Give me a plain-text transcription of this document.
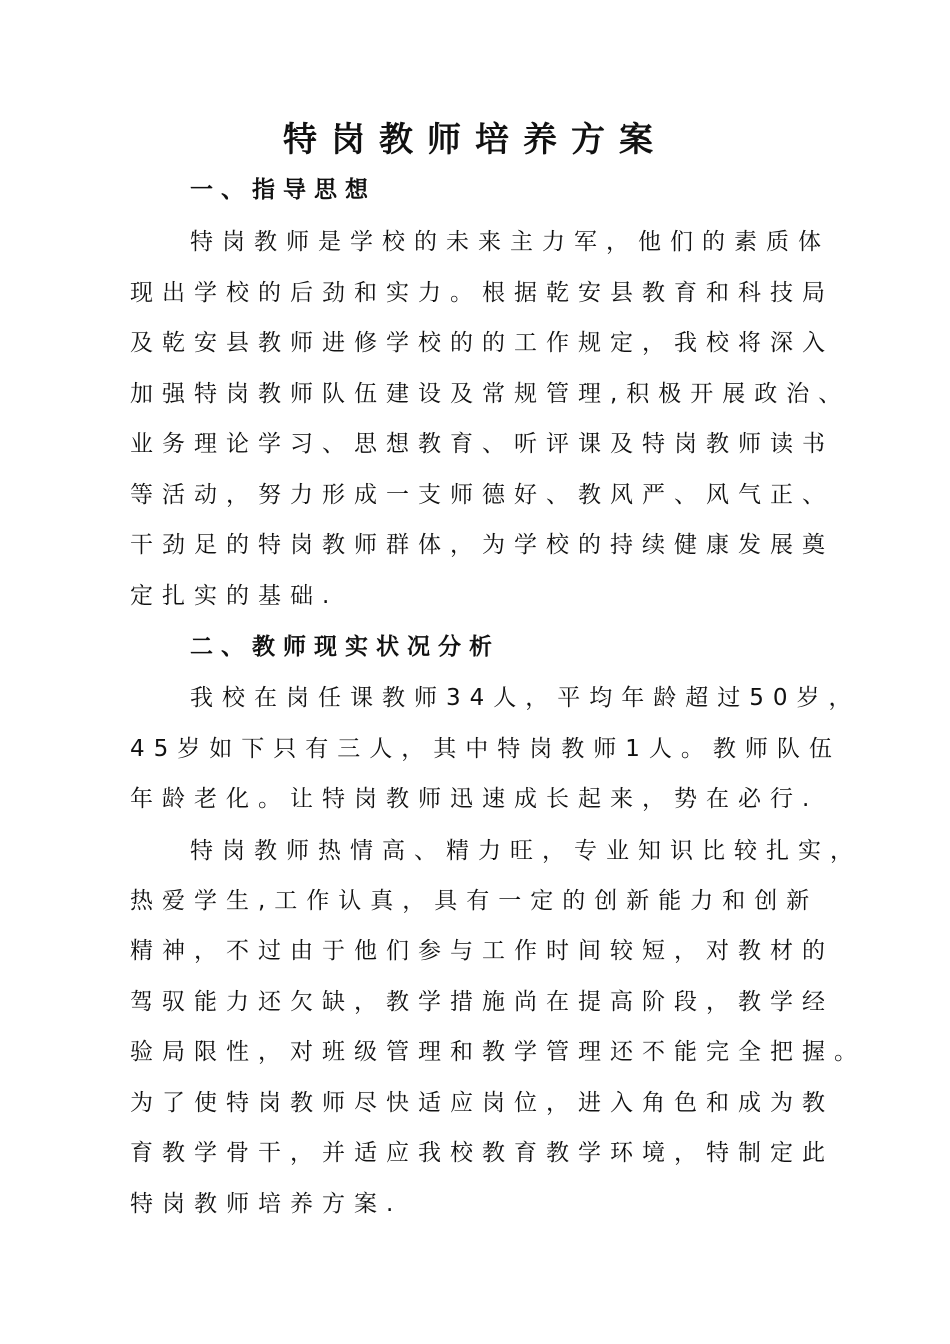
特岗教师培养方案
一、指导思想

特岗教师是学校的未来主力军，他们的素质体

现出学校的后劲和实力。根据乾安县教育和科技局

及乾安县教师进修学校的的工作规定，我校将深入

加强特岗教师队伍建设及常规管理,积极开展政治、

业务理论学习、思想教育、听评课及特岗教师读书

等活动，努力形成一支师德好、教风严、风气正、

干劲足的特岗教师群体，为学校的持续健康发展奠

定扎实的基础.

二、教师现实状况分析

我校在岗任课教师34人，平均年龄超过50岁，

45岁如下只有三人，其中特岗教师1人。教师队伍

年龄老化。让特岗教师迅速成长起来，势在必行.

特岗教师热情高、精力旺，专业知识比较扎实，

热爱学生,工作认真，具有一定的创新能力和创新

精神，不过由于他们参与工作时间较短，对教材的

驾驭能力还欠缺，教学措施尚在提高阶段，教学经

验局限性，对班级管理和教学管理还不能完全把握。

为了使特岗教师尽快适应岗位，进入角色和成为教

育教学骨干，并适应我校教育教学环境，特制定此

特岗教师培养方案.
